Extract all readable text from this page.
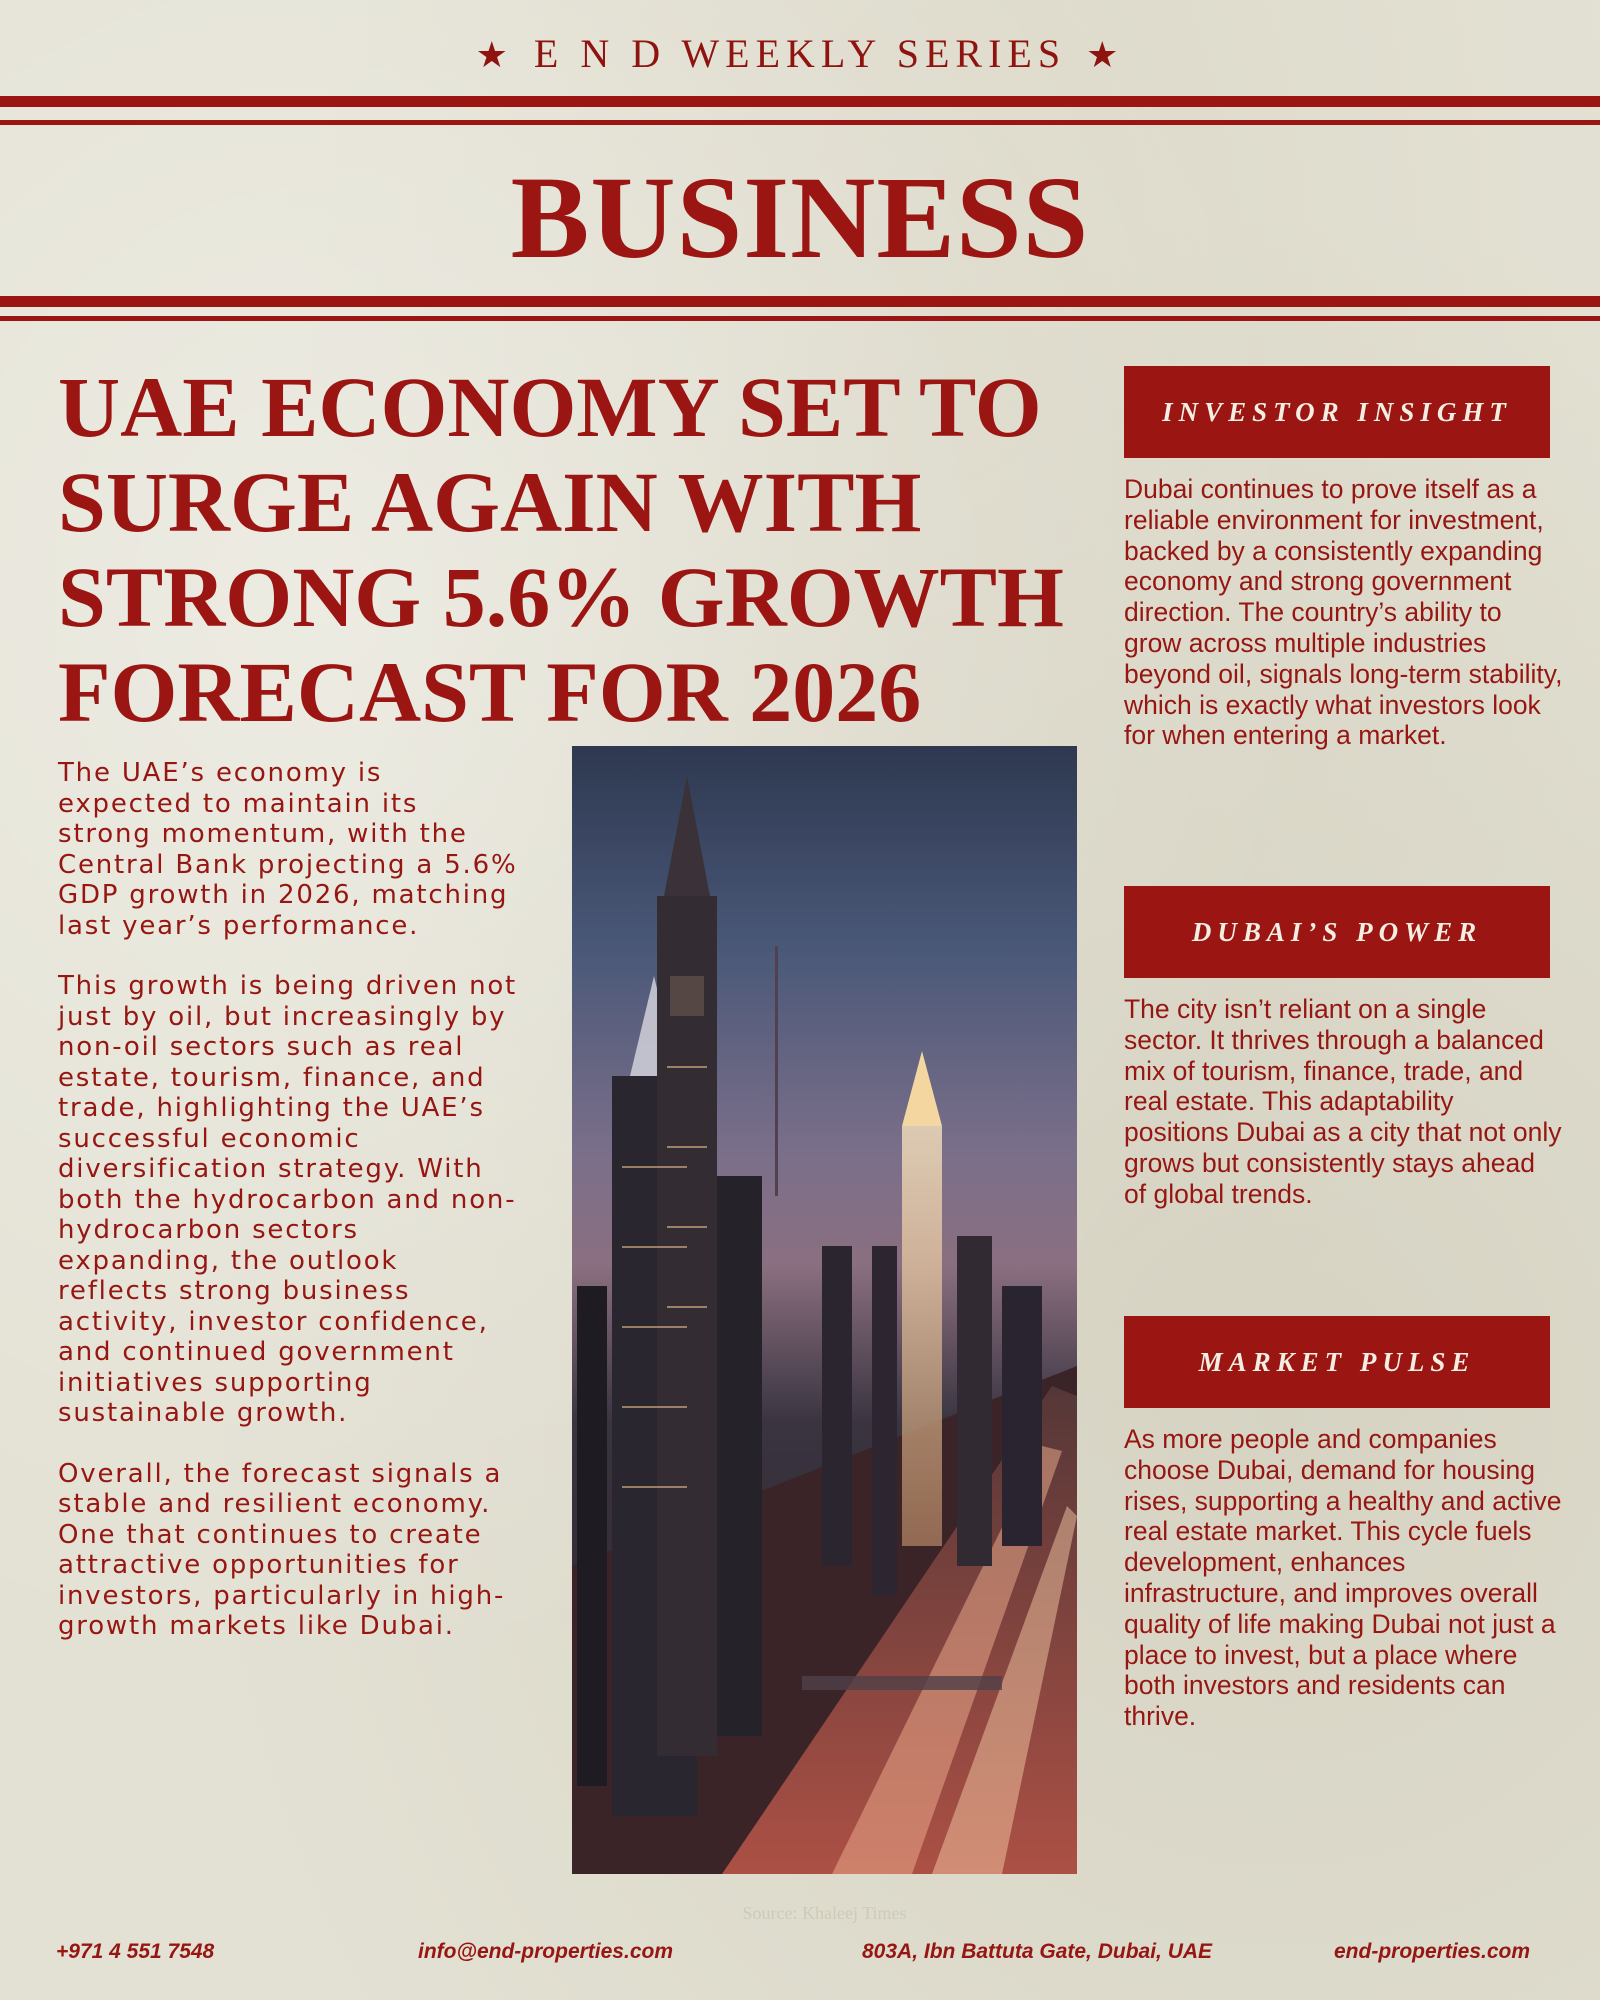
★ E N D WEEKLY SERIES ★
BUSINESS
UAE ECONOMY SET TO SURGE AGAIN WITH STRONG 5.6% GROWTH FORECAST FOR 2026

The UAE’s economy is expected to maintain its strong momentum, with the Central Bank projecting a 5.6% GDP growth in 2026, matching last year’s performance.

This growth is being driven not just by oil, but increasingly by non-oil sectors such as real estate, tourism, finance, and trade, highlighting the UAE’s successful economic diversification strategy. With both the hydrocarbon and non-hydrocarbon sectors expanding, the outlook reflects strong business activity, investor confidence, and continued government initiatives supporting sustainable growth.

Overall, the forecast signals a stable and resilient economy. One that continues to create attractive opportunities for investors, particularly in high-growth markets like Dubai.

Source: Khaleej Times
INVESTOR INSIGHT
Dubai continues to prove itself as a reliable environment for investment, backed by a consistently expanding economy and strong government direction. The country’s ability to grow across multiple industries beyond oil, signals long-term stability, which is exactly what investors look for when entering a market.
DUBAI’S POWER
The city isn’t reliant on a single sector. It thrives through a balanced mix of tourism, finance, trade, and real estate. This adaptability positions Dubai as a city that not only grows but consistently stays ahead of global trends.
MARKET PULSE
As more people and companies choose Dubai, demand for housing rises, supporting a healthy and active real estate market. This cycle fuels development, enhances infrastructure, and improves overall quality of life making Dubai not just a place to invest, but a place where both investors and residents can thrive.
+971 4 551 7548	info@end-properties.com	803A, Ibn Battuta Gate, Dubai, UAE	end-properties.com
